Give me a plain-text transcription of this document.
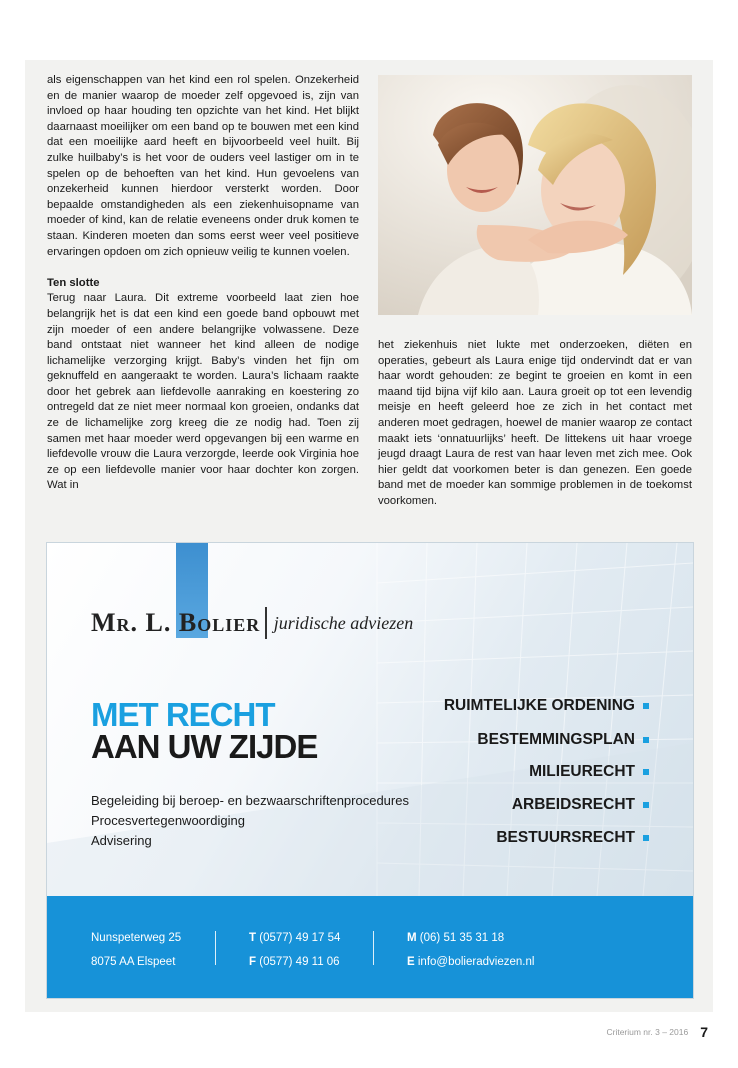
als eigenschappen van het kind een rol spelen. Onzekerheid en de manier waarop de moeder zelf opgevoed is, zijn van invloed op haar houding ten opzichte van het kind. Het blijkt daarnaast moeilijker om een band op te bouwen met een kind dat een moeilijke aard heeft en bijvoorbeeld veel huilt. Bij zulke huilbaby’s is het voor de ouders veel lastiger om in te spelen op de behoeften van het kind. Hun gevoelens van onzekerheid kunnen hierdoor versterkt worden. Door bepaalde omstandigheden als een ziekenhuisopname van moeder of kind, kan de relatie eveneens onder druk komen te staan. Kinderen moeten dan soms eerst weer veel positieve ervaringen opdoen om zich opnieuw veilig te kunnen voelen.

Ten slotte

Terug naar Laura. Dit extreme voorbeeld laat zien hoe belangrijk het is dat een kind een goede band opbouwt met zijn moeder of een andere belangrijke volwassene. Deze band ontstaat niet wanneer het kind alleen de nodige lichamelijke verzorging krijgt. Baby’s vinden het fijn om geknuffeld en aangeraakt te worden. Laura’s lichaam raakte door het gebrek aan liefdevolle aanraking en koestering zo ontregeld dat ze niet meer normaal kon groeien, ondanks dat ze de lichamelijke zorg kreeg die ze nodig had. Toen zij samen met haar moeder werd opgevangen bij een warme en liefdevolle vrouw die Laura verzorgde, leerde ook Virginia hoe ze op een liefdevolle manier voor haar dochter kon zorgen. Wat in

het ziekenhuis niet lukte met onderzoeken, diëten en operaties, gebeurt als Laura enige tijd ondervindt dat er van haar wordt gehouden: ze begint te groeien en komt in een maand tijd bijna vijf kilo aan. Laura groeit op tot een levendig meisje en heeft geleerd hoe ze zich in het contact met anderen moet gedragen, hoewel de manier waarop ze contact maakt iets ‘onnatuurlijks’ heeft. De littekens uit haar vroege jeugd draagt Laura de rest van haar leven met zich mee. Ook hier geldt dat voorkomen beter is dan genezen. Een goede band met de moeder kan sommige problemen in de toekomst voorkomen.

Mr. L. Bolier juridische adviezen
MET RECHT
AAN UW ZIJDE
Begeleiding bij beroep- en bezwaarschriftenprocedures
Procesvertegenwoordiging
Advisering
RUIMTELIJKE ORDENING
BESTEMMINGSPLAN
MILIEURECHT
ARBEIDSRECHT
BESTUURSRECHT
Nunspeterweg 25
8075 AA Elspeet
T (0577) 49 17 54
F (0577) 49 11 06
M (06) 51 35 31 18
E info@bolieradviezen.nl
Criterium nr. 3 – 2016 7
